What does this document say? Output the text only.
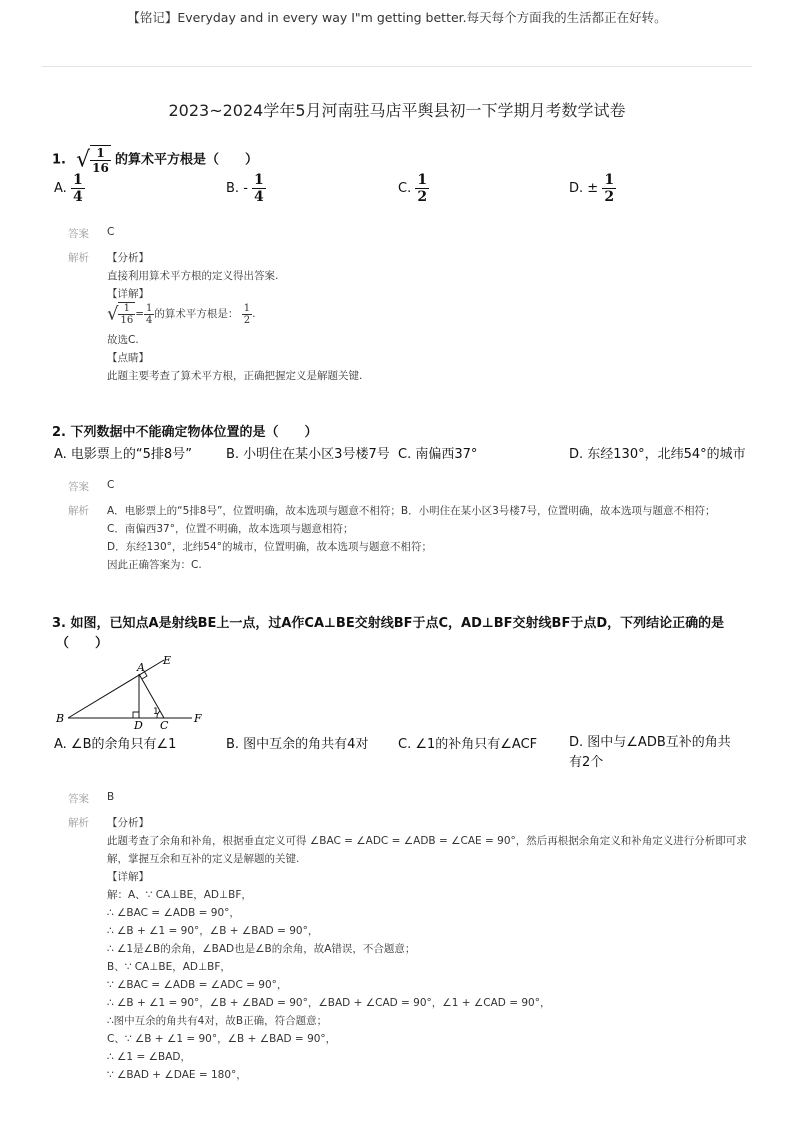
【铭记】Everyday and in every way I"m getting better.每天每个方面我的生活都正在好转。
2023~2024学年5月河南驻马店平舆县初一下学期月考数学试卷
1. √ $\frac{1}{16}$ 的算术平方根是（　　）
A. $\frac{1}{4}$	B. - $\frac{1}{4}$	C. $\frac{1}{2}$	D. ± $\frac{1}{2}$
答案 C
解析 【分析】
直接利用算术平方根的定义得出答案.
【详解】
√ $\frac{1}{16} = \frac{1}{4}$ 的算术平方根是： $\frac{1}{2}$ .
故选C.
【点睛】
此题主要考查了算术平方根，正确把握定义是解题关键.
2. 下列数据中不能确定物体位置的是（　　）
A. 电影票上的“5排8号”	B. 小明住在某小区3号楼7号 C. 南偏西37°	D. 东经130°，北纬54°的城市
答案 C
解析 A．电影票上的“5排8号”，位置明确，故本选项与题意不相符；B．小明住在某小区3号楼7号，位置明确，故本选项与题意不相符；
C．南偏西37°，位置不明确，故本选项与题意相符；
D．东经130°，北纬54°的城市，位置明确，故本选项与题意不相符；
因此正确答案为：C.
3. 如图，已知点A是射线BE上一点，过A作CA⊥BE交射线BF于点C，AD⊥BF交射线BF于点D，下列结论正确的是
（　　）
A
E
B
D C
F
1
A. ∠B的余角只有∠1	B. 图中互余的角共有4对 C. ∠1的补角只有∠ACF D. 图中与∠ADB互补的角共有2个
答案 B
解析 【分析】
此题考查了余角和补角，根据垂直定义可得 ∠BAC = ∠ADC = ∠ADB = ∠CAE = 90°，然后再根据余角定义和补角定义进行分析即可求
解，掌握互余和互补的定义是解题的关键.
【详解】
解：A、∵ CA⊥BE，AD⊥BF，
∴ ∠BAC = ∠ADB = 90°，
∴ ∠B + ∠1 = 90°，∠B + ∠BAD = 90°，
∴ ∠1是∠B的余角，∠BAD也是∠B的余角，故A错误，不合题意；
B、∵ CA⊥BE，AD⊥BF，
∵ ∠BAC = ∠ADB = ∠ADC = 90°，
∴ ∠B + ∠1 = 90°，∠B + ∠BAD = 90°，∠BAD + ∠CAD = 90°，∠1 + ∠CAD = 90°，
∴图中互余的角共有4对，故B正确，符合题意；
C、∵ ∠B + ∠1 = 90°，∠B + ∠BAD = 90°，
∴ ∠1 = ∠BAD，
∵ ∠BAD + ∠DAE = 180°，
